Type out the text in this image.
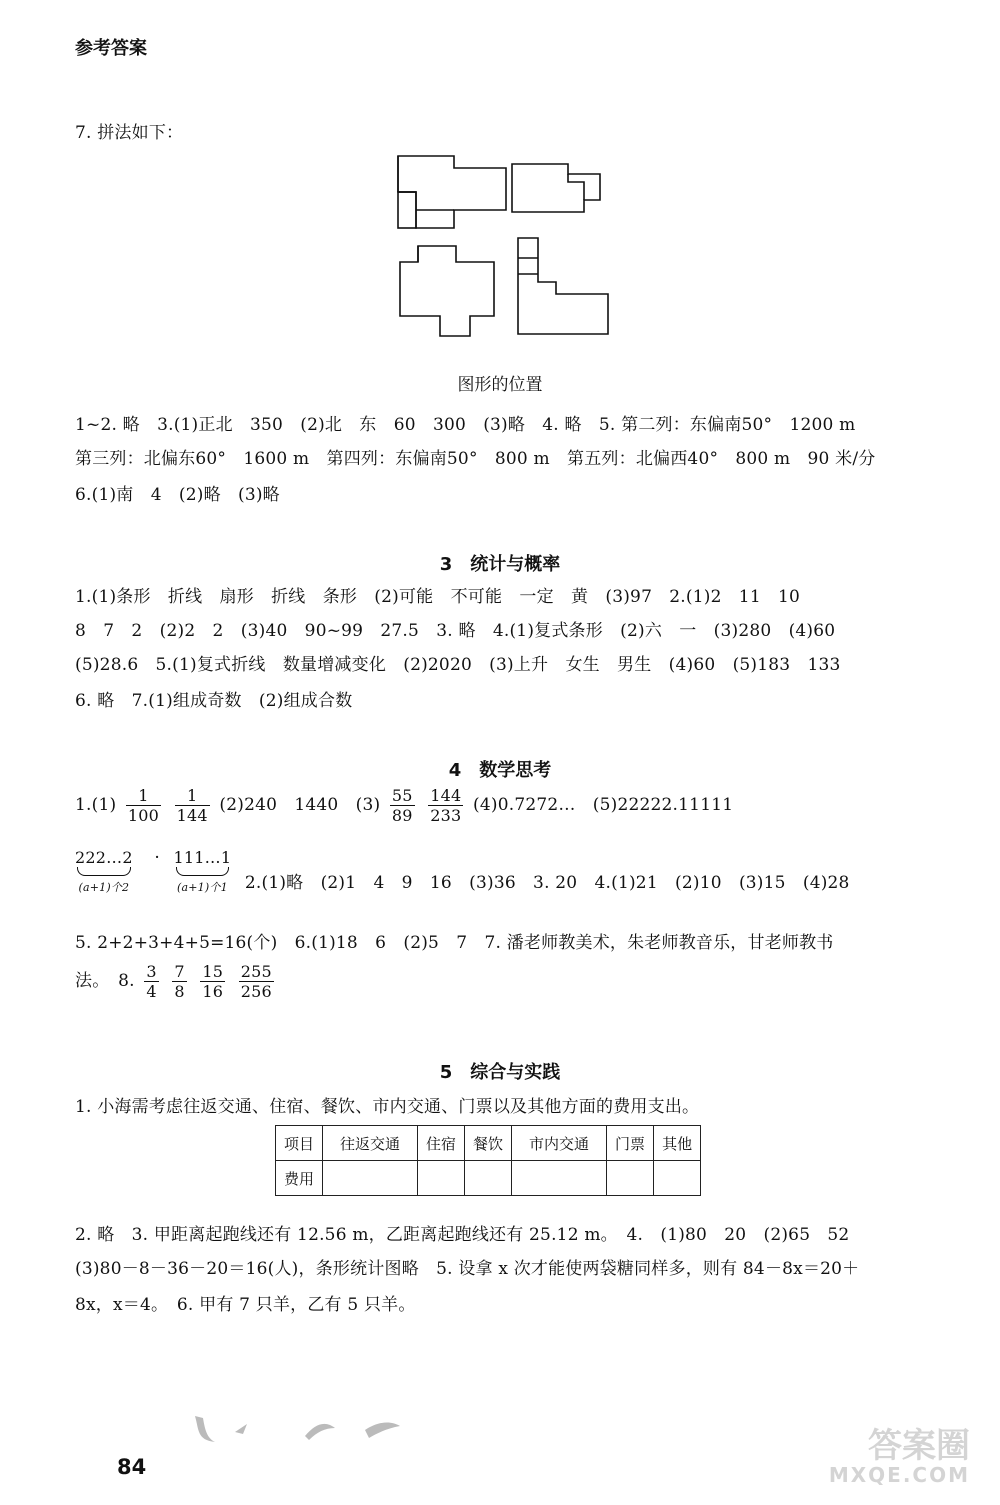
参考答案
7. 拼法如下：
图形的位置
1~2. 略　3.(1)正北　350　(2)北　东　60　300　(3)略　4. 略　5. 第二列：东偏南50°　1200 m
第三列：北偏东60°　1600 m　第四列：东偏南50°　800 m　第五列：北偏西40°　800 m　90 米/分
6.(1)南　4　(2)略　(3)略
3　统计与概率
1.(1)条形　折线　扇形　折线　条形　(2)可能　不可能　一定　黄　(3)97　2.(1)2　11　10
8　7　2　(2)2　2　(3)40　90~99　27.5　3. 略　4.(1)复式条形　(2)六　一　(3)280　(4)60
(5)28.6　5.(1)复式折线　数量增减变化　(2)2020　(3)上升　女生　男生　(4)60　(5)183　133
6. 略　7.(1)组成奇数　(2)组成合数
4　数学思考
$1.(1) \frac{1}{100}$
$\frac{1}{144} (2)240$　1440　$(3) \frac{55}{89}$
$\frac{144}{233}$ (4)0.7272…　(5)22222.11111
222…2
(a+1)个2
· 111…1
(a+1)个1 2.(1)略　(2)1　4　9　16　(3)36　3. 20　4.(1)21　(2)10　(3)15　(4)28
5. 2+2+3+4+5=16(个)　6.(1)18　6　(2)5　7　7. 潘老师教美术，朱老师教音乐，甘老师教书
法。　8. $\frac{3}{4}$
$\frac{7}{8}$
$\frac{15}{16}$
$\frac{255}{256}$
5　综合与实践
1. 小海需考虑往返交通、住宿、餐饮、市内交通、门票以及其他方面的费用支出。
项目	往返交通	住宿	餐饮	市内交通	门票	其他
费用						
2. 略　3. 甲距离起跑线还有 12.56 m，乙距离起跑线还有 25.12 m。　4.　(1)80　20　(2)65　52
(3)80－8－36－20＝16(人)，条形统计图略　5. 设拿 x 次才能使两袋糖同样多，则有 84－8x＝20＋
8x，x＝4。　6. 甲有 7 只羊，乙有 5 只羊。
84
答案圈
MXQE.COM
